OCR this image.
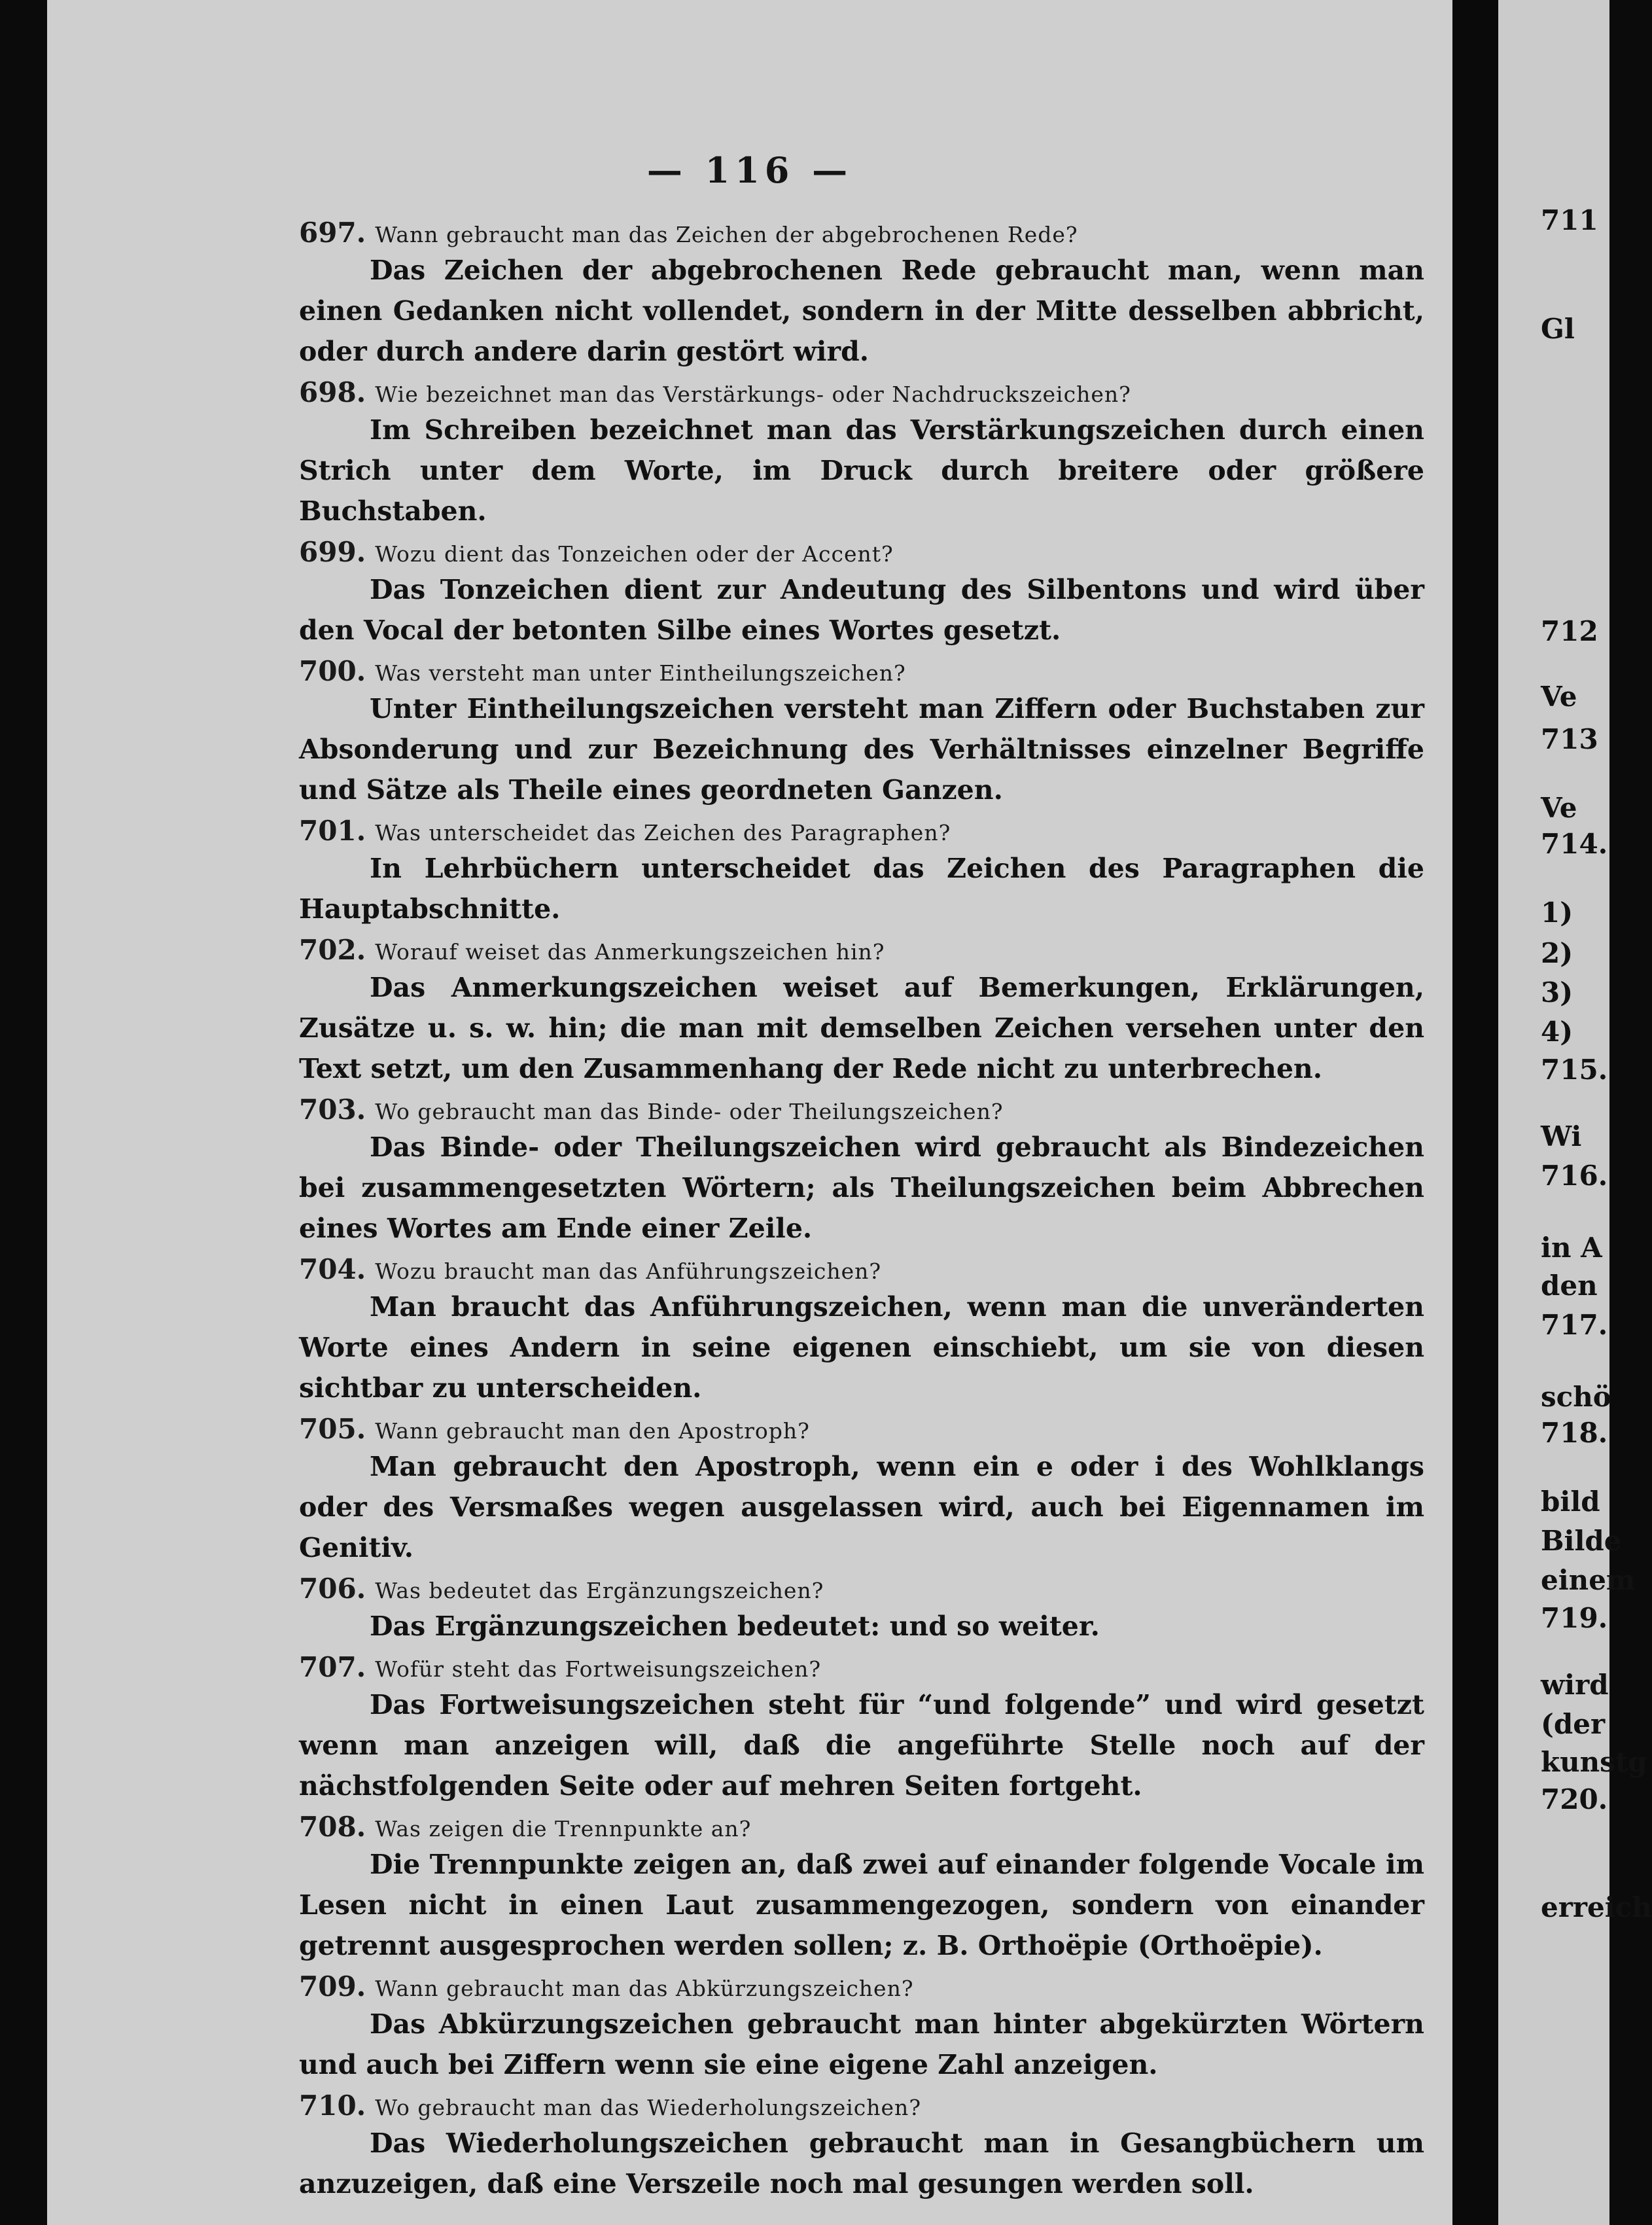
— 116 —
697. Wann gebraucht man das Zeichen der abgebrochenen Rede?
Das Zeichen der abgebrochenen Rede gebraucht man, wenn man einen Gedanken nicht vollendet, sondern in der Mitte desselben abbricht, oder durch andere darin gestört wird.
698. Wie bezeichnet man das Verstärkungs- oder Nachdruckszeichen?
Im Schreiben bezeichnet man das Verstärkungszeichen durch einen Strich unter dem Worte, im Druck durch breitere oder größere Buchstaben.
699. Wozu dient das Tonzeichen oder der Accent?
Das Tonzeichen dient zur Andeutung des Silbentons und wird über den Vocal der betonten Silbe eines Wortes gesetzt.
700. Was versteht man unter Eintheilungszeichen?
Unter Eintheilungszeichen versteht man Ziffern oder Buchstaben zur Absonderung und zur Bezeichnung des Verhältnisses einzelner Begriffe und Sätze als Theile eines geordneten Ganzen.
701. Was unterscheidet das Zeichen des Paragraphen?
In Lehrbüchern unterscheidet das Zeichen des Paragraphen die Hauptabschnitte.
702. Worauf weiset das Anmerkungszeichen hin?
Das Anmerkungszeichen weiset auf Bemerkungen, Erklärungen, Zusätze u. s. w. hin; die man mit demselben Zeichen versehen unter den Text setzt, um den Zusammenhang der Rede nicht zu unterbrechen.
703. Wo gebraucht man das Binde- oder Theilungszeichen?
Das Binde- oder Theilungszeichen wird gebraucht als Bindezeichen bei zusammengesetzten Wörtern; als Theilungszeichen beim Abbrechen eines Wortes am Ende einer Zeile.
704. Wozu braucht man das Anführungszeichen?
Man braucht das Anführungszeichen, wenn man die unveränderten Worte eines Andern in seine eigenen einschiebt, um sie von diesen sichtbar zu unterscheiden.
705. Wann gebraucht man den Apostroph?
Man gebraucht den Apostroph, wenn ein e oder i des Wohlklangs oder des Versmaßes wegen ausgelassen wird, auch bei Eigennamen im Genitiv.
706. Was bedeutet das Ergänzungszeichen?
Das Ergänzungszeichen bedeutet: und so weiter.
707. Wofür steht das Fortweisungszeichen?
Das Fortweisungszeichen steht für “und folgende” und wird gesetzt wenn man anzeigen will, daß die angeführte Stelle noch auf der nächstfolgenden Seite oder auf mehren Seiten fortgeht.
708. Was zeigen die Trennpunkte an?
Die Trennpunkte zeigen an, daß zwei auf einander folgende Vocale im Lesen nicht in einen Laut zusammengezogen, sondern von einander getrennt ausgesprochen werden sollen; z. B. Orthoëpie (Orthoëpie).
709. Wann gebraucht man das Abkürzungszeichen?
Das Abkürzungszeichen gebraucht man hinter abgekürzten Wörtern und auch bei Ziffern wenn sie eine eigene Zahl anzeigen.
710. Wo gebraucht man das Wiederholungszeichen?
Das Wiederholungszeichen gebraucht man in Gesangbüchern um anzuzeigen, daß eine Verszeile noch mal gesungen werden soll.
711
Gl
712
Ve
713
Ve
714.
1)
2)
3)
4)
715.
Wi
716.
in A
den
717.
schö
718.
bild
Bilde
einem
719.
wird
(der
kunstg
720.
erreich
